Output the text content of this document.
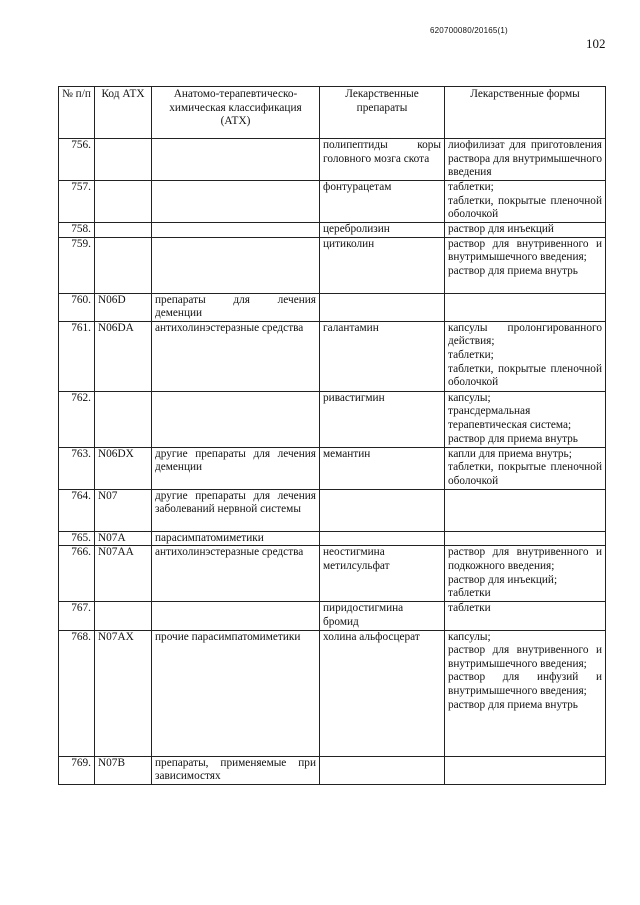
620700080/20165(1)
102
№ п/п	Код АТХ	Анатомо-терапевтическо-химическая классификация (АТХ)	Лекарственные препараты	Лекарственные формы
756.			полипептиды коры головного мозга скота	лиофилизат для приготовления раствора для внутримышечного введения

757.			фонтурацетам	таблетки;
таблетки, покрытые пленочной оболочкой

758.			церебролизин	раствор для инъекций

759.			цитиколин	раствор для внутривенного и внутримышечного введения;
раствор для приема внутрь

760.	N06D	препараты для лечения деменции		
761.	N06DA	антихолинэстеразные средства	галантамин	капсулы пролонгированного действия;
таблетки;
таблетки, покрытые пленочной оболочкой

762.			ривастигмин	капсулы;
трансдермальная терапевтическая система;
раствор для приема внутрь

763.	N06DX	другие препараты для лечения деменции	мемантин	капли для приема внутрь;
таблетки, покрытые пленочной оболочкой

764.	N07	другие препараты для лечения заболеваний нервной системы		
765.	N07A	парасимпатомиметики		
766.	N07AA	антихолинэстеразные средства	неостигмина метилсульфат	раствор для внутривенного и подкожного введения;
раствор для инъекций;
таблетки

767.			пиридостигмина бромид	таблетки

768.	N07AX	прочие парасимпатомиметики	холина альфосцерат	капсулы;
раствор для внутривенного и внутримышечного введения;
раствор для инфузий и внутримышечного введения;
раствор для приема внутрь

769.	N07B	препараты, применяемые при зависимостях		
